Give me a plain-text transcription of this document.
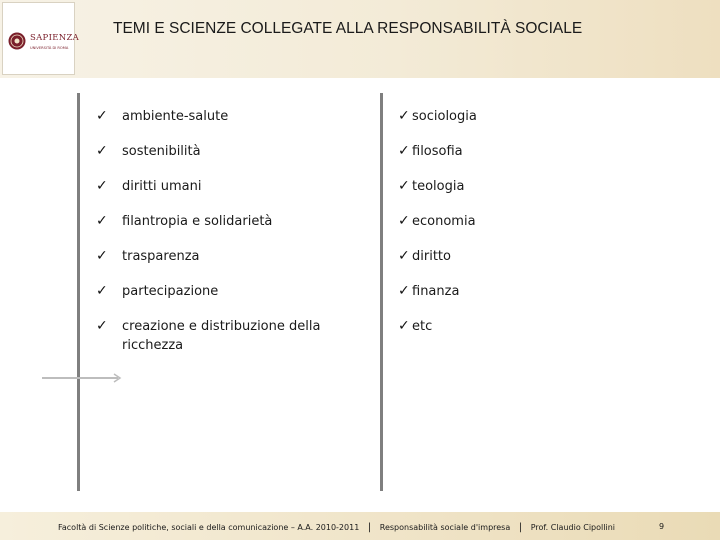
SAPIENZA
UNIVERSITÀ DI ROMA
TEMI E SCIENZE COLLEGATE ALLA RESPONSABILITÀ SOCIALE
✓ ambiente-salute
✓ sostenibilità
✓ diritti umani
✓ filantropia e solidarietà
✓ trasparenza
✓ partecipazione
✓ creazione e distribuzione della ricchezza
✓ sociologia
✓ filosofia
✓ teologia
✓ economia
✓ diritto
✓ finanza
✓ etc
Facoltà di Scienze politiche, sociali e della comunicazione – A.A. 2010-2011 | Responsabilità sociale d'impresa | Prof. Claudio Cipollini	9
